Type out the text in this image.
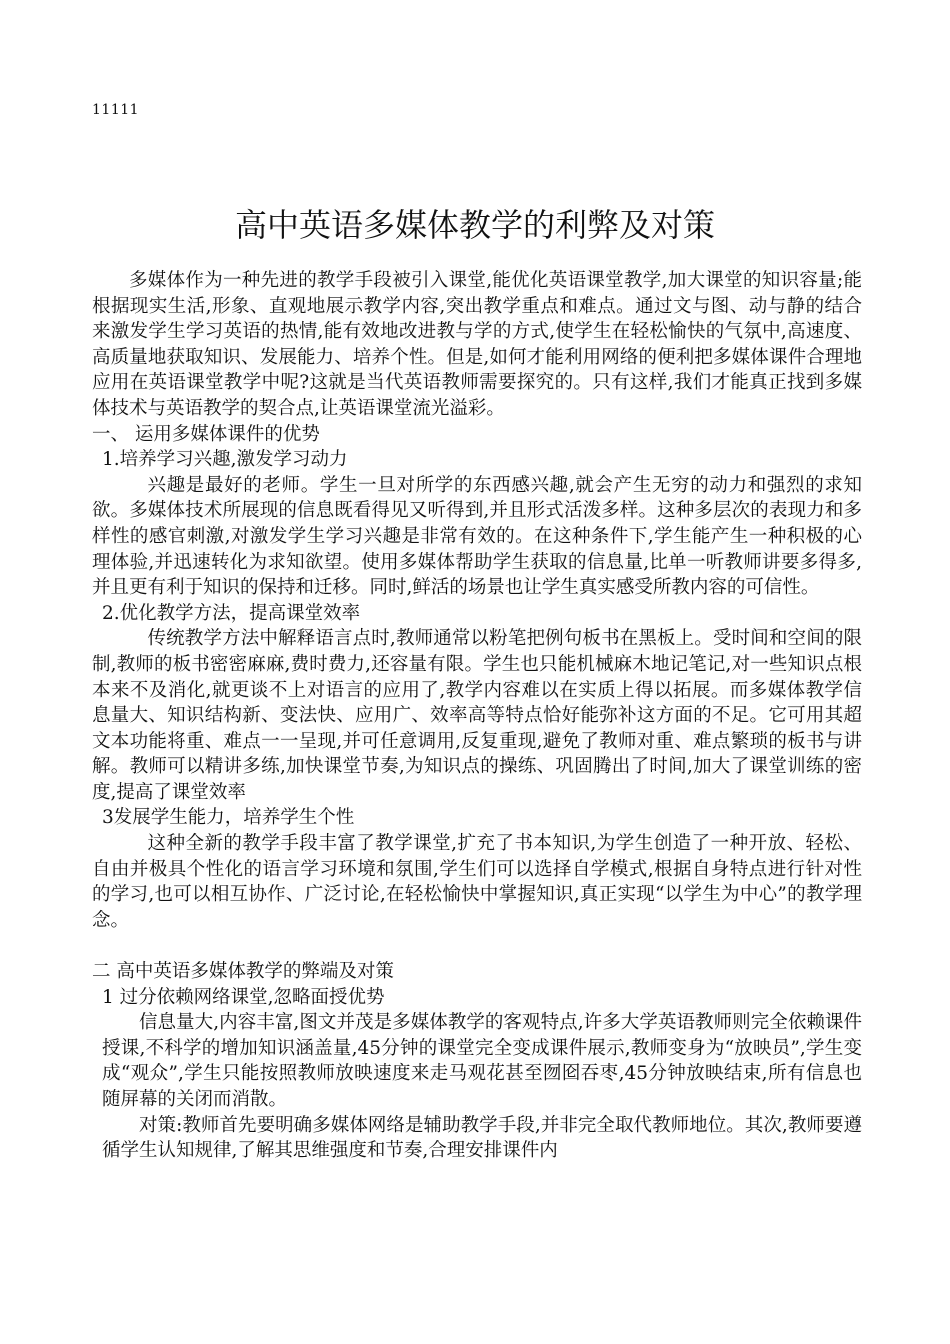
11111
高中英语多媒体教学的利弊及对策

多媒体作为一种先进的教学手段被引入课堂,能优化英语课堂教学,加大课堂的知识容量;能根据现实生活,形象、直观地展示教学内容,突出教学重点和难点。通过文与图、动与静的结合来激发学生学习英语的热情,能有效地改进教与学的方式,使学生在轻松愉快的气氛中,高速度、高质量地获取知识、发展能力、培养个性。但是,如何才能利用网络的便利把多媒体课件合理地应用在英语课堂教学中呢?这就是当代英语教师需要探究的。只有这样,我们才能真正找到多媒体技术与英语教学的契合点,让英语课堂流光溢彩。

一、 运用多媒体课件的优势

1.培养学习兴趣,激发学习动力

兴趣是最好的老师。学生一旦对所学的东西感兴趣,就会产生无穷的动力和强烈的求知欲。多媒体技术所展现的信息既看得见又听得到,并且形式活泼多样。这种多层次的表现力和多样性的感官刺激,对激发学生学习兴趣是非常有效的。在这种条件下,学生能产生一种积极的心理体验,并迅速转化为求知欲望。使用多媒体帮助学生获取的信息量,比单一听教师讲要多得多,并且更有利于知识的保持和迁移。同时,鲜活的场景也让学生真实感受所教内容的可信性。

2.优化教学方法，提高课堂效率

传统教学方法中解释语言点时,教师通常以粉笔把例句板书在黑板上。受时间和空间的限制,教师的板书密密麻麻,费时费力,还容量有限。学生也只能机械麻木地记笔记,对一些知识点根本来不及消化,就更谈不上对语言的应用了,教学内容难以在实质上得以拓展。而多媒体教学信息量大、知识结构新、变法快、应用广、效率高等特点恰好能弥补这方面的不足。它可用其超文本功能将重、难点一一呈现,并可任意调用,反复重现,避免了教师对重、难点繁琐的板书与讲解。教师可以精讲多练,加快课堂节奏,为知识点的操练、巩固腾出了时间,加大了课堂训练的密度,提高了课堂效率

3发展学生能力，培养学生个性

这种全新的教学手段丰富了教学课堂,扩充了书本知识,为学生创造了一种开放、轻松、自由并极具个性化的语言学习环境和氛围,学生们可以选择自学模式,根据自身特点进行针对性的学习,也可以相互协作、广泛讨论,在轻松愉快中掌握知识,真正实现“以学生为中心”的教学理念。

二 高中英语多媒体教学的弊端及对策

1 过分依赖网络课堂,忽略面授优势

信息量大,内容丰富,图文并茂是多媒体教学的客观特点,许多大学英语教师则完全依赖课件授课,不科学的增加知识涵盖量,45分钟的课堂完全变成课件展示,教师变身为“放映员”,学生变成“观众”,学生只能按照教师放映速度来走马观花甚至囫囵吞枣,45分钟放映结束,所有信息也随屏幕的关闭而消散。

对策:教师首先要明确多媒体网络是辅助教学手段,并非完全取代教师地位。其次,教师要遵循学生认知规律,了解其思维强度和节奏,合理安排课件内
